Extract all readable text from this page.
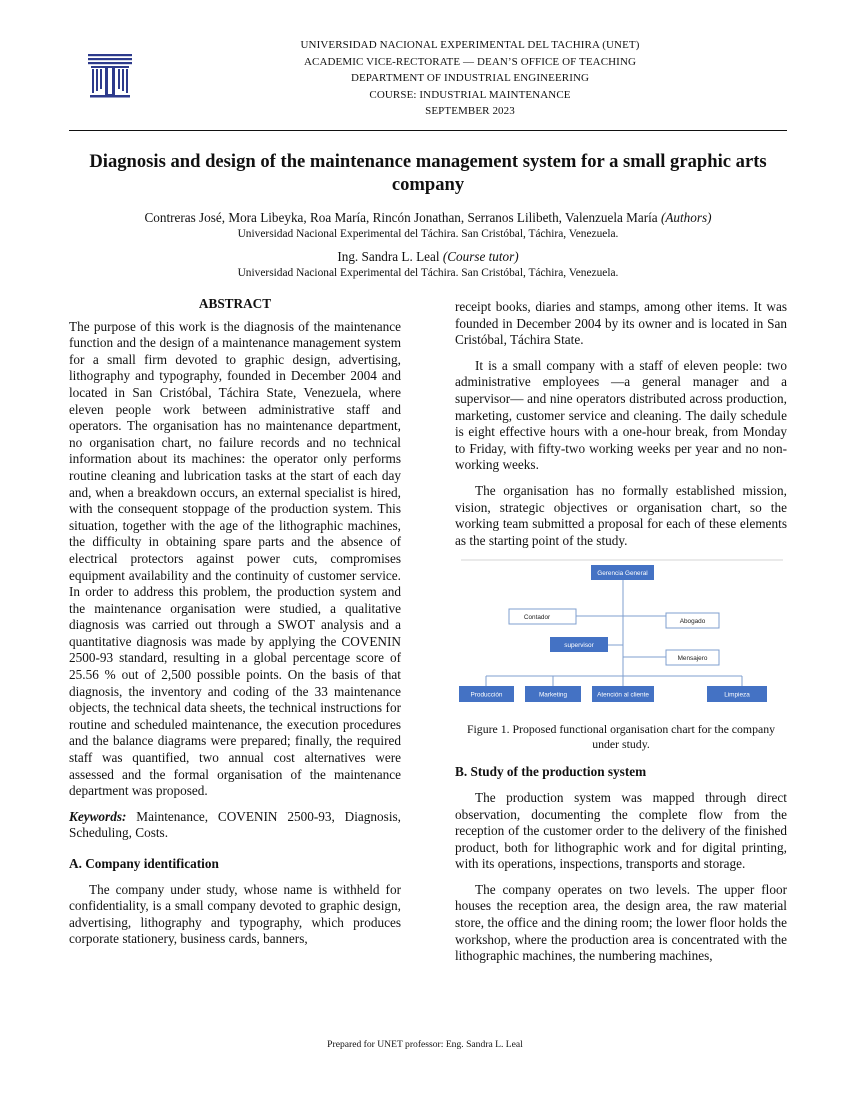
UNIVERSIDAD NACIONAL EXPERIMENTAL DEL TACHIRA (UNET)
ACADEMIC VICE-RECTORATE — DEAN’S OFFICE OF TEACHING
DEPARTMENT OF INDUSTRIAL ENGINEERING
COURSE: INDUSTRIAL MAINTENANCE
SEPTEMBER 2023
Diagnosis and design of the maintenance management system for a small graphic arts company
Contreras José, Mora Libeyka, Roa María, Rincón Jonathan, Serranos Lilibeth, Valenzuela María (Authors)
Universidad Nacional Experimental del Táchira. San Cristóbal, Táchira, Venezuela.
Ing. Sandra L. Leal (Course tutor)
Universidad Nacional Experimental del Táchira. San Cristóbal, Táchira, Venezuela.
ABSTRACT

The purpose of this work is the diagnosis of the maintenance function and the design of a maintenance management system for a small firm devoted to graphic design, advertising, lithography and typography, founded in December 2004 and located in San Cristóbal, Táchira State, Venezuela, where eleven people work between administrative staff and operators. The organisation has no maintenance department, no organisation chart, no failure records and no technical information about its machines: the operator only performs routine cleaning and lubrication tasks at the start of each day and, when a breakdown occurs, an external specialist is hired, with the consequent stoppage of the production system. This situation, together with the age of the lithographic machines, the difficulty in obtaining spare parts and the absence of electrical protectors against power cuts, compromises equipment availability and the continuity of customer service. In order to address this problem, the production system and the maintenance organisation were studied, a qualitative diagnosis was carried out through a SWOT analysis and a quantitative diagnosis was made by applying the COVENIN 2500-93 standard, resulting in a global percentage score of 25.56 % out of 2,500 possible points. On the basis of that diagnosis, the inventory and coding of the 33 maintenance objects, the technical data sheets, the technical instructions for routine and scheduled maintenance, the execution procedures and the balance diagrams were prepared; finally, the required staff was quantified, two annual cost alternatives were assessed and the formal organisation of the maintenance department was proposed.

Keywords: Maintenance, COVENIN 2500-93, Diagnosis, Scheduling, Costs.

A. Company identification

The company under study, whose name is withheld for confidentiality, is a small company devoted to graphic design, advertising, lithography and typography, which produces corporate stationery, business cards, banners,

receipt books, diaries and stamps, among other items. It was founded in December 2004 by its owner and is located in San Cristóbal, Táchira State.

It is a small company with a staff of eleven people: two administrative employees —a general manager and a supervisor— and nine operators distributed across production, marketing, customer service and cleaning. The daily schedule is eight effective hours with a one-hour break, from Monday to Friday, with fifty-two working weeks per year and no non-working weeks.

The organisation has no formally established mission, vision, strategic objectives or organisation chart, so the working team submitted a proposal for each of these elements as the starting point of the study.

Gerencia General
Contador
Abogado
supervisor
Mensajero
Producción	Marketing	Atención al cliente	Limpieza
Figure 1. Proposed functional organisation chart for the company under study.
B. Study of the production system

The production system was mapped through direct observation, documenting the complete flow from the reception of the customer order to the delivery of the finished product, both for lithographic work and for digital printing, with its operations, inspections, transports and storage.

The company operates on two levels. The upper floor houses the reception area, the design area, the raw material store, the office and the dining room; the lower floor holds the workshop, where the production area is concentrated with the lithographic machines, the numbering machines,

Prepared for UNET professor: Eng. Sandra L. Leal
